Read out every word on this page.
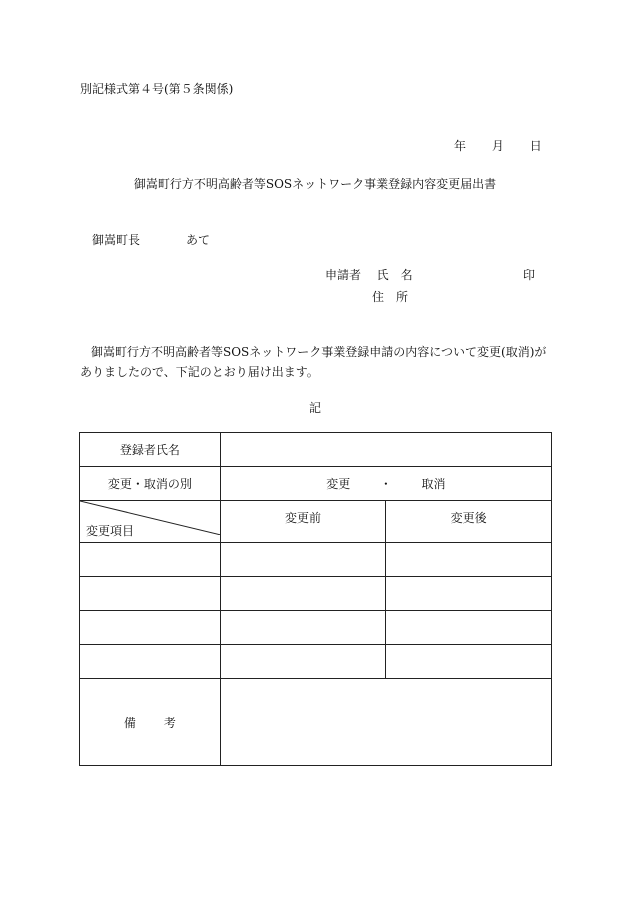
別記様式第４号(第５条関係)
年 月 日
御嵩町行方不明高齢者等SOSネットワーク事業登録内容変更届出書
御嵩町長	あて
申請者 氏　名	印
住　所
御嵩町行方不明高齢者等SOSネットワーク事業登録申請の内容について変更(取消)がありましたので、下記のとおり届け出ます。
記
登録者氏名		
変更・取消の別	変更 ・ 取消	

変更項目	変更前	変更後

備 考		
